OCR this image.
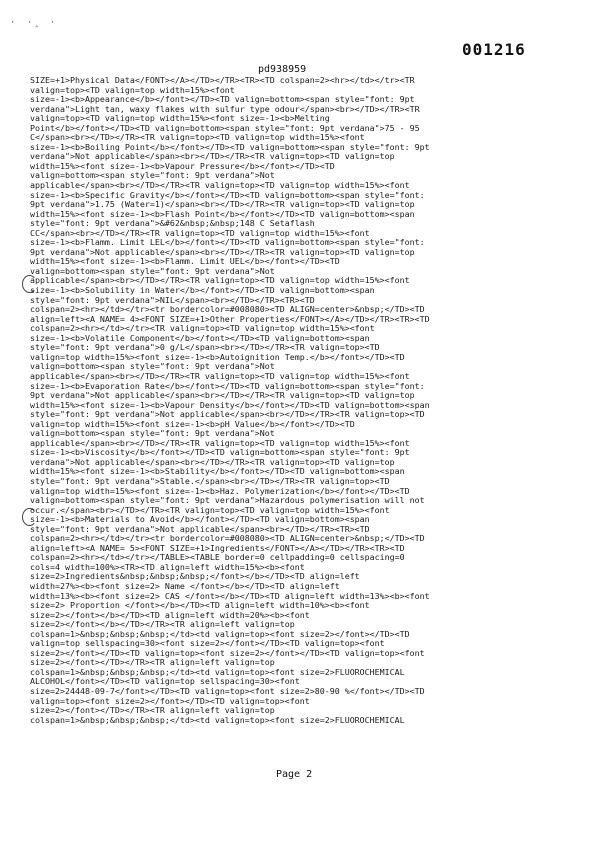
· ·‸ ·
001216
pd938959
SIZE=+1>Physical Data</FONT></A></TD></TR><TR><TD colspan=2><hr></td></tr><TR
valign=top><TD valign=top width=15%><font
size=-1><b>Appearance</b></font></TD><TD valign=bottom><span style="font: 9pt
verdana">Light tan, waxy flakes with sulfur type odour</span><br></TD></TR><TR
valign=top><TD valign=top width=15%><font size=-1><b>Melting
Point</b></font></TD><TD valign=bottom><span style="font: 9pt verdana">75 - 95
C</span><br></TD></TR><TR valign=top><TD valign=top width=15%><font
size=-1><b>Boiling Point</b></font></TD><TD valign=bottom><span style="font: 9pt
verdana">Not applicable</span><br></TD></TR><TR valign=top><TD valign=top
width=15%><font size=-1><b>Vapour Pressure</b></font></TD><TD
valign=bottom><span style="font: 9pt verdana">Not
applicable</span><br></TD></TR><TR valign=top><TD valign=top width=15%><font
size=-1><b>Specific Gravity</b></font></TD><TD valign=bottom><span style="font:
9pt verdana">1.75 (Water=1)</span><br></TD></TR><TR valign=top><TD valign=top
width=15%><font size=-1><b>Flash Point</b></font></TD><TD valign=bottom><span
style="font: 9pt verdana">&#62&nbsp;&nbsp;148 C Setaflash
CC</span><br></TD></TR><TR valign=top><TD valign=top width=15%><font
size=-1><b>Flamm. Limit LEL</b></font></TD><TD valign=bottom><span style="font:
9pt verdana">Not applicable</span><br></TD></TR><TR valign=top><TD valign=top
width=15%><font size=-1><b>Flamm. Limit UEL</b></font></TD><TD
valign=bottom><span style="font: 9pt verdana">Not
applicable</span><br></TD></TR><TR valign=top><TD valign=top width=15%><font
size=-1><b>Solubility in Water</b></font></TD><TD valign=bottom><span
style="font: 9pt verdana">NIL</span><br></TD></TR><TR><TD
colspan=2><hr></td></tr><tr bordercolor=#008080><TD ALIGN=center>&nbsp;</TD><TD
align=left><A NAME= 4><FONT SIZE=+1>Other Properties</FONT></A></TD></TR><TR><TD
colspan=2><hr></td></tr><TR valign=top><TD valign=top width=15%><font
size=-1><b>Volatile Component</b></font></TD><TD valign=bottom><span
style="font: 9pt verdana">0 g/L</span><br></TD></TR><TR valign=top><TD
valign=top width=15%><font size=-1><b>Autoignition Temp.</b></font></TD><TD
valign=bottom><span style="font: 9pt verdana">Not
applicable</span><br></TD></TR><TR valign=top><TD valign=top width=15%><font
size=-1><b>Evaporation Rate</b></font></TD><TD valign=bottom><span style="font:
9pt verdana">Not applicable</span><br></TD></TR><TR valign=top><TD valign=top
width=15%><font size=-1><b>Vapour Density</b></font></TD><TD valign=bottom><span
style="font: 9pt verdana">Not applicable</span><br></TD></TR><TR valign=top><TD
valign=top width=15%><font size=-1><b>pH Value</b></font></TD><TD
valign=bottom><span style="font: 9pt verdana">Not
applicable</span><br></TD></TR><TR valign=top><TD valign=top width=15%><font
size=-1><b>Viscosity</b></font></TD><TD valign=bottom><span style="font: 9pt
verdana">Not applicable</span><br></TD></TR><TR valign=top><TD valign=top
width=15%><font size=-1><b>Stability</b></font></TD><TD valign=bottom><span
style="font: 9pt verdana">Stable.</span><br></TD></TR><TR valign=top><TD
valign=top width=15%><font size=-1><b>Haz. Polymerization</b></font></TD><TD
valign=bottom><span style="font: 9pt verdana">Hazardous polymerisation will not
occur.</span><br></TD></TR><TR valign=top><TD valign=top width=15%><font
size=-1><b>Materials to Avoid</b></font></TD><TD valign=bottom><span
style="font: 9pt verdana">Not applicable</span><br></TD></TR><TR><TD
colspan=2><hr></td></tr><tr bordercolor=#008080><TD ALIGN=center>&nbsp;</TD><TD
align=left><A NAME= 5><FONT SIZE=+1>Ingredients</FONT></A></TD></TR><TR><TD
colspan=2><hr></td></tr></TABLE><TABLE border=0 cellpadding=0 cellspacing=0
cols=4 width=100%><TR><TD align=left width=15%><b><font
size=2>Ingredients&nbsp;&nbsp;&nbsp;</font></b></TD><TD align=left
width=27%><b><font size=2> Name </font></b></TD><TD align=left
width=13%><b><font size=2> CAS </font></b></TD><TD align=left width=13%><b><font
size=2> Proportion </font></b></TD><TD align=left width=10%><b><font
size=2></font></b></TD><TD align=left width=20%><b><font
size=2></font></b></TD></TR><TR align=left valign=top
colspan=1>&nbsp;&nbsp;&nbsp;</td><td valign=top><font size=2></font></TD><TD
valign=top sellspacing=30><font size=2></font></TD><TD valign=top><font
size=2></font></TD><TD valign=top><font size=2></font></TD><TD valign=top><font
size=2></font></TD></TR><TR align=left valign=top
colspan=1>&nbsp;&nbsp;&nbsp;</td><td valign=top><font size=2>FLUOROCHEMICAL
ALCOHOL</font></TD><TD valign=top sellspacing=30><font
size=2>24448-09-7</font></TD><TD valign=top><font size=2>80-90 %</font></TD><TD
valign=top><font size=2></font></TD><TD valign=top><font
size=2></font></TD></TR><TR align=left valign=top
colspan=1>&nbsp;&nbsp;&nbsp;</td><td valign=top><font size=2>FLUOROCHEMICAL

Page 2
